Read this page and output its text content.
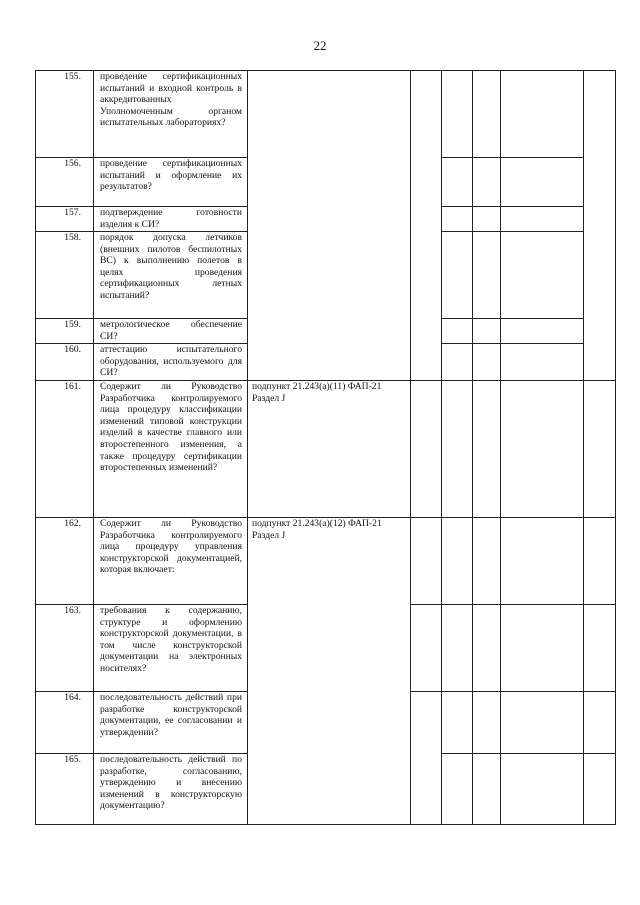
22
155.	проведение сертификационных испытаний и входной контроль в аккредитованных Уполномоченным органом испытательных лабораториях?						
156.	проведение сертификационных испытаний и оформление их результатов?						
157.	подтверждение готовности изделия к СИ?						
158.	порядок допуска летчиков (внешних пилотов беспилотных ВС) к выполнению полетов в целях проведения сертификационных летных испытаний?						
159.	метрологическое обеспечение СИ?						
160.	аттестацию испытательного оборудования, используемого для СИ?						
161.	Содержит ли Руководство Разработчика контролируемого лица процедуру классификации изменений типовой конструкции изделий в качестве главного или второстепенного изменения, а также процедуру сертификации второстепенных изменений?	подпункт 21.243(a)(11) ФАП-21 Раздел J					
162.	Содержит ли Руководство Разработчика контролируемого лица процедуру управления конструкторской документацией, которая включает:	подпункт 21.243(a)(12) ФАП-21 Раздел J					
163.	требования к содержанию, структуре и оформлению конструкторской документации, в том числе конструкторской документации на электронных носителях?						
164.	последовательность действий при разработке конструкторской документации, ее согласовании и утверждении?						
165.	последовательность действий по разработке, согласованию, утверждению и внесению изменений в конструкторскую документацию?						
